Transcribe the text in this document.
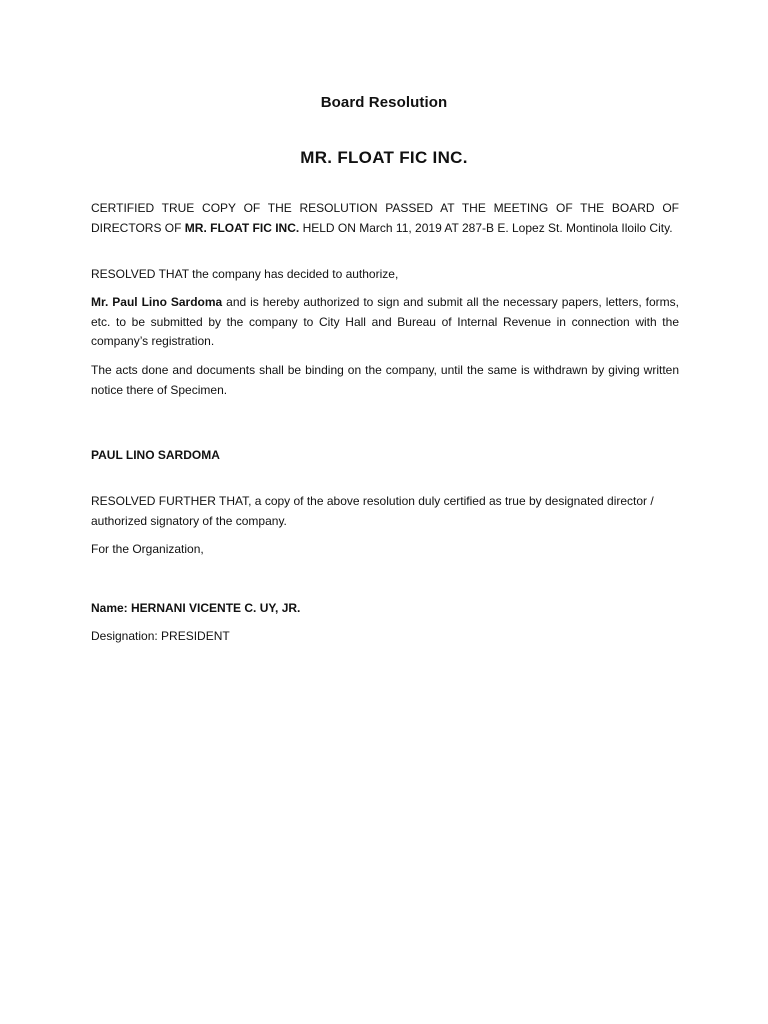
Board Resolution
MR. FLOAT FIC INC.

CERTIFIED TRUE COPY OF THE RESOLUTION PASSED AT THE MEETING OF THE BOARD OF DIRECTORS OF MR. FLOAT FIC INC. HELD ON March 11, 2019 AT 287-B E. Lopez St. Montinola Iloilo City.

RESOLVED THAT the company has decided to authorize,

Mr. Paul Lino Sardoma and is hereby authorized to sign and submit all the necessary papers, letters, forms, etc. to be submitted by the company to City Hall and Bureau of Internal Revenue in connection with the company’s registration.

The acts done and documents shall be binding on the company, until the same is withdrawn by giving written notice there of Specimen.

PAUL LINO SARDOMA

RESOLVED FURTHER THAT, a copy of the above resolution duly certified as true by designated director / authorized signatory of the company.

For the Organization,

Name: HERNANI VICENTE C. UY, JR.

Designation: PRESIDENT
